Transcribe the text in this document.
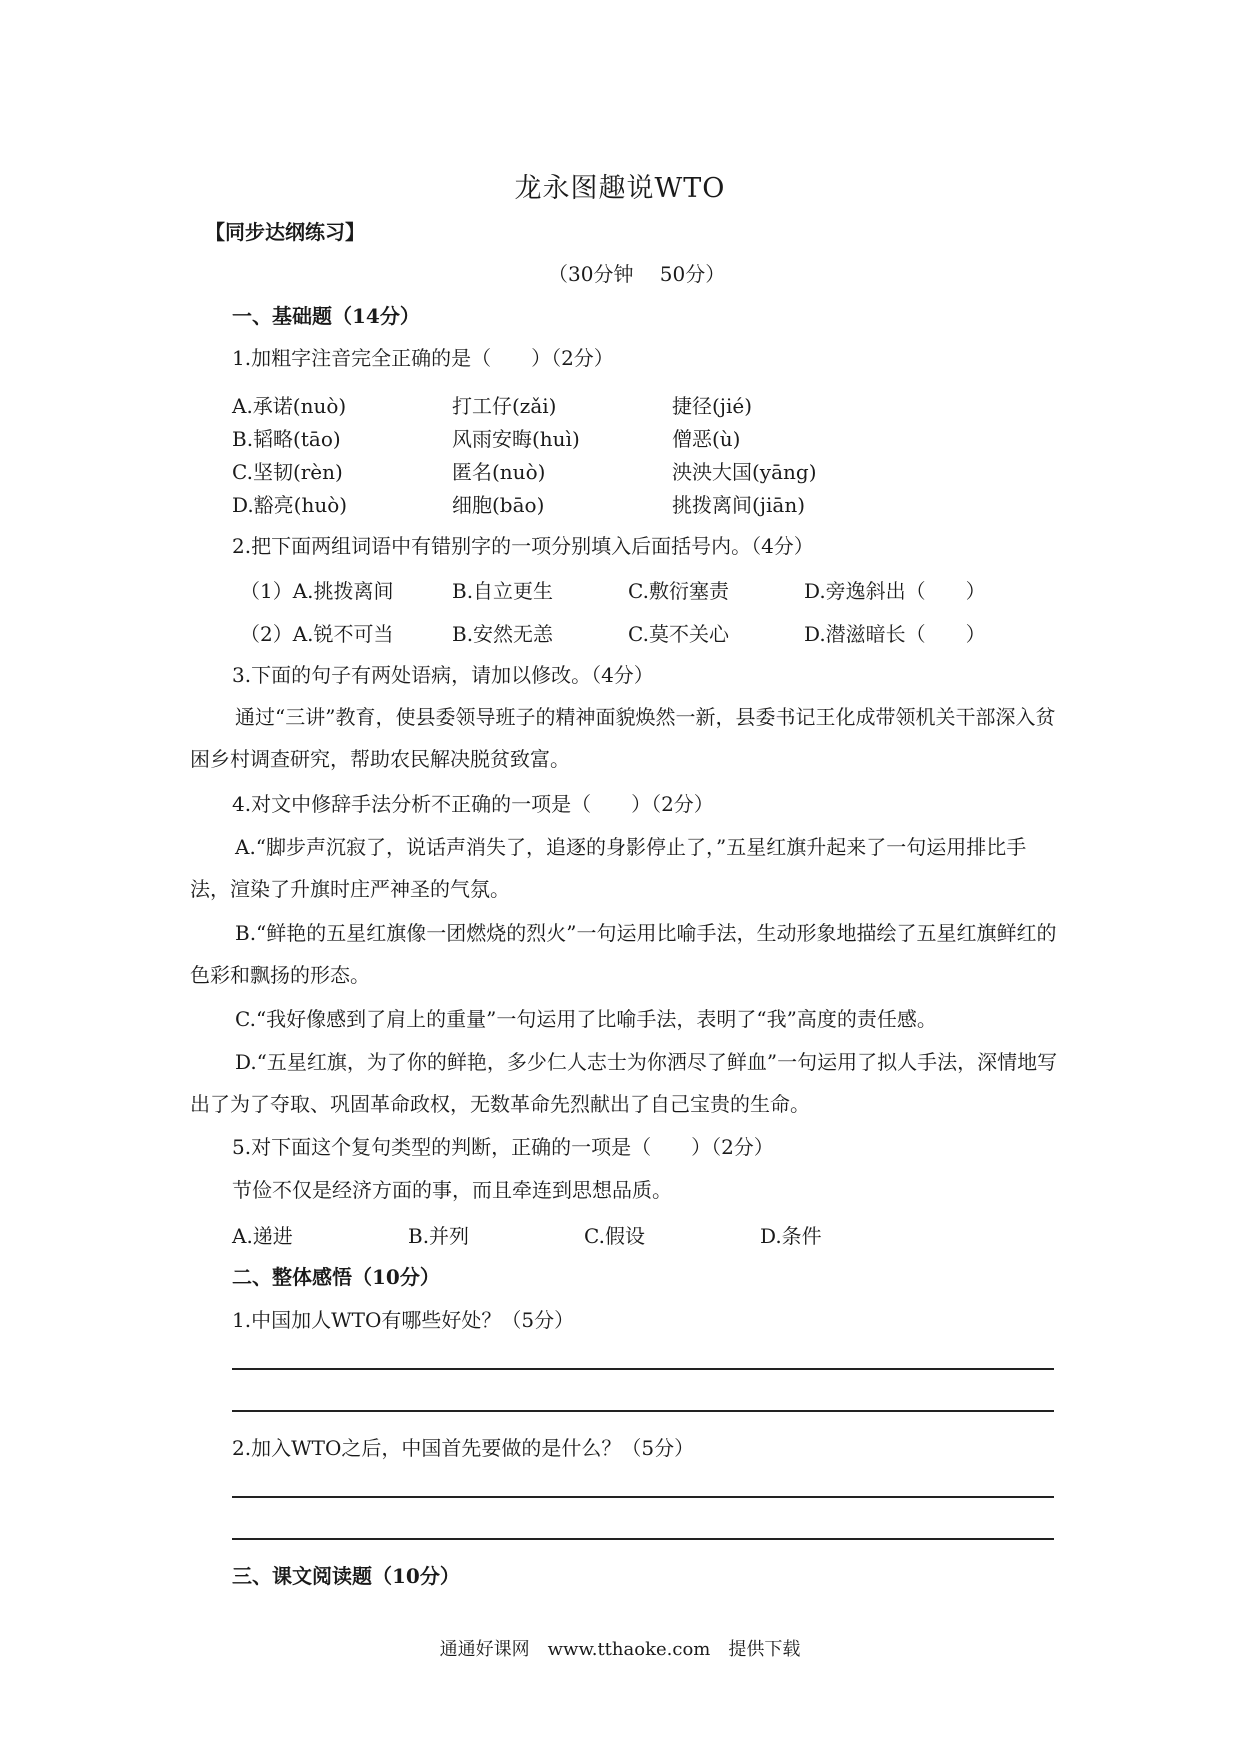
龙永图趣说WTO
【同步达纲练习】
（30分钟　 50分）
一、基础题（14分）
1.加粗字注音完全正确的是（　　）（2分）
A.承诺(nuò)	打工仔(zǎi)	捷径(jié)
B.韬略(tāo)	风雨安晦(huì)	僧恶(ù)
C.坚韧(rèn)	匿名(nuò)	泱泱大国(yāng)
D.豁亮(huò)	细胞(bāo)	挑拨离间(jiān)
2.把下面两组词语中有错别字的一项分别填入后面括号内。（4分）
（1）A.挑拨离间	B.自立更生	C.敷衍塞责	D.旁逸斜出（　　）
（2）A.锐不可当	B.安然无恙	C.莫不关心	D.潜滋暗长（　　）
3.下面的句子有两处语病，请加以修改。（4分）
通过“三讲”教育，使县委领导班子的精神面貌焕然一新，县委书记王化成带领机关干部深入贫困乡村调查研究，帮助农民解决脱贫致富。
4.对文中修辞手法分析不正确的一项是（　　）（2分）
A.“脚步声沉寂了，说话声消失了，追逐的身影停止了，”五星红旗升起来了一句运用排比手法，渲染了升旗时庄严神圣的气氛。
B.“鲜艳的五星红旗像一团燃烧的烈火”一句运用比喻手法，生动形象地描绘了五星红旗鲜红的色彩和飘扬的形态。
C.“我好像感到了肩上的重量”一句运用了比喻手法，表明了“我”高度的责任感。
D.“五星红旗，为了你的鲜艳，多少仁人志士为你洒尽了鲜血”一句运用了拟人手法，深情地写出了为了夺取、巩固革命政权，无数革命先烈献出了自己宝贵的生命。
5.对下面这个复句类型的判断，正确的一项是（　　）（2分）
节俭不仅是经济方面的事，而且牵连到思想品质。
A.递进	B.并列	C.假设	D.条件
二、整体感悟（10分）
1.中国加人WTO有哪些好处？（5分）
2.加入WTO之后，中国首先要做的是什么？（5分）
三、课文阅读题（10分）
通通好课网　www.tthaoke.com　提供下载
